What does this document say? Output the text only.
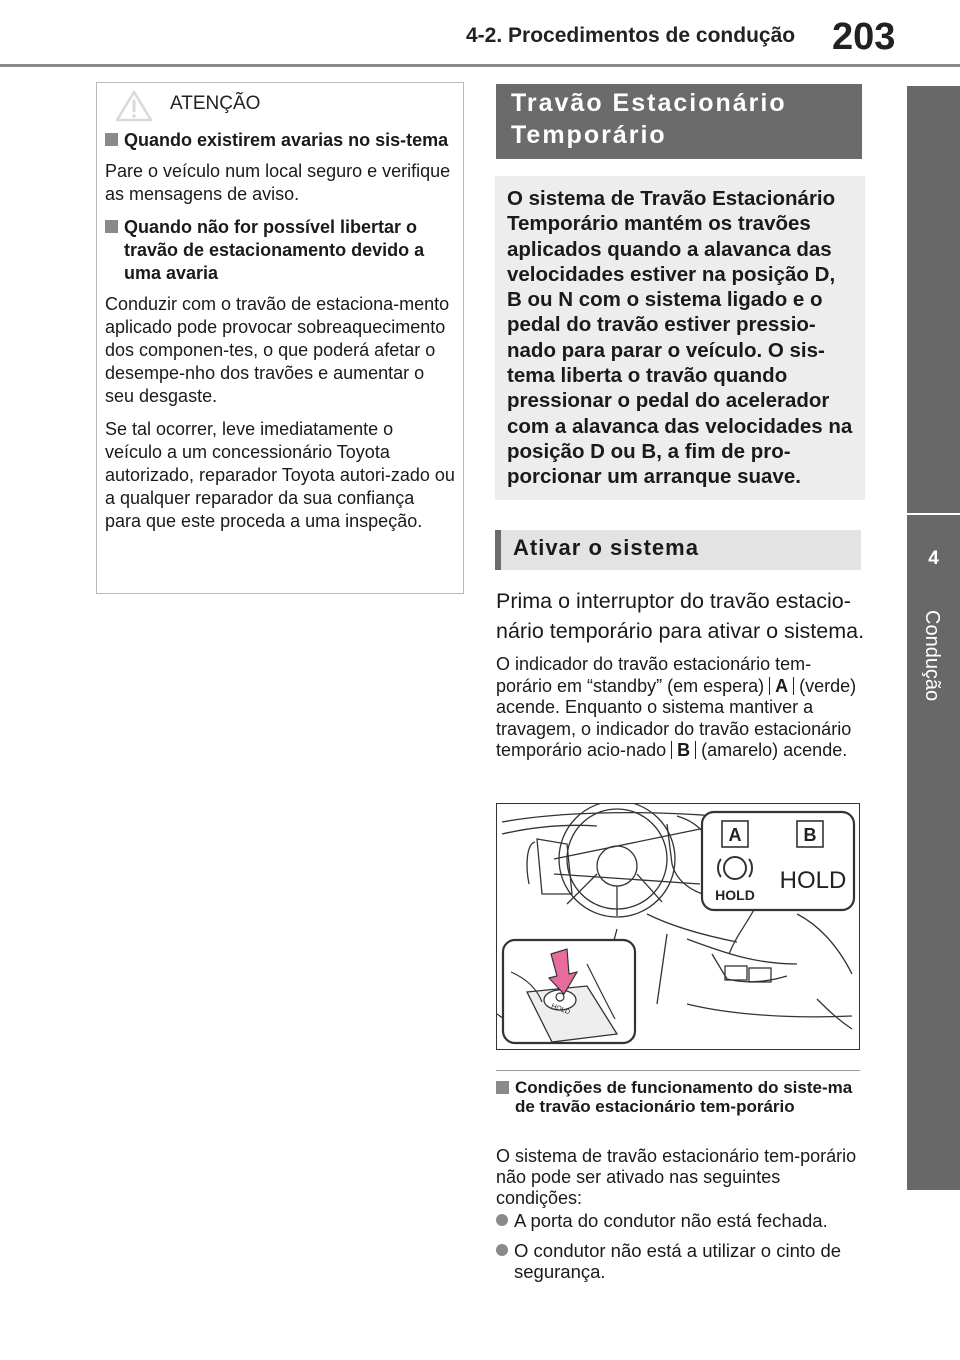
4-2. Procedimentos de condução 203
4
Condução
ATENÇÃO
Quando existirem avarias no sis-tema

Pare o veículo num local seguro e verifique as mensagens de aviso.

Quando não for possível libertar o travão de estacionamento devido a uma avaria

Conduzir com o travão de estaciona-mento aplicado pode provocar sobreaquecimento dos componen-tes, o que poderá afetar o desempe-nho dos travões e aumentar o seu desgaste.

Se tal ocorrer, leve imediatamente o veículo a um concessionário Toyota autorizado, reparador Toyota autori-zado ou a qualquer reparador da sua confiança para que este proceda a uma inspeção.

Travão Estacionário Temporário
O sistema de Travão Estacionário Temporário mantém os travões aplicados quando a alavanca das velocidades estiver na posição D, B ou N com o sistema ligado e o pedal do travão estiver pressio-nado para parar o veículo. O sis-tema liberta o travão quando pressionar o pedal do acelerador com a alavanca das velocidades na posição D ou B, a fim de pro-porcionar um arranque suave.
Ativar o sistema
Prima o interruptor do travão estacio-nário temporário para ativar o sistema.
O indicador do travão estacionário tem-porário em “standby” (em espera) A (verde) acende. Enquanto o sistema mantiver a travagem, o indicador do travão estacionário temporário acio-nado B (amarelo) acende.
A	B
HOLD
HOLD
HOLD
Condições de funcionamento do siste-ma de travão estacionário tem-porário
O sistema de travão estacionário tem-porário não pode ser ativado nas seguintes condições:
A porta do condutor não está fechada.
O condutor não está a utilizar o cinto de segurança.
